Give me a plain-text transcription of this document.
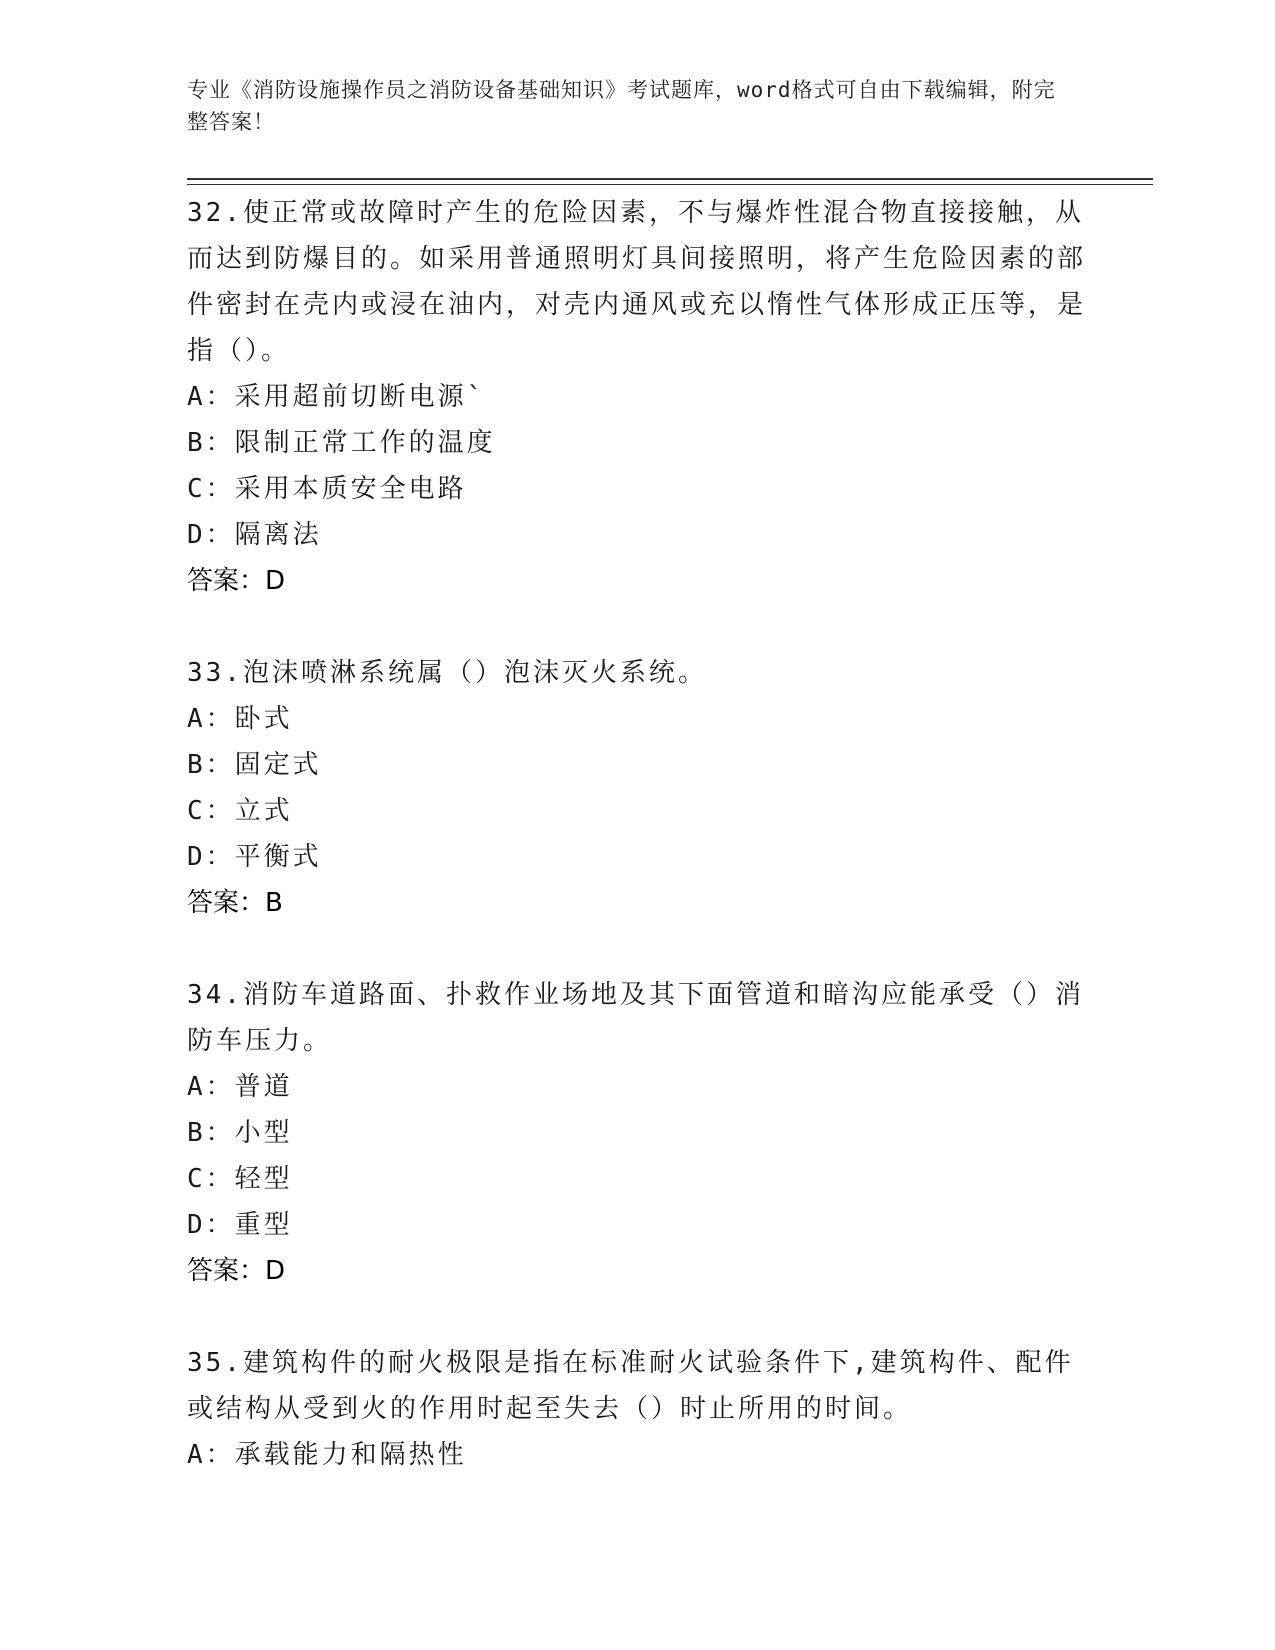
专业《消防设施操作员之消防设备基础知识》考试题库，word格式可自由下载编辑，附完整答案！
32.使正常或故障时产生的危险因素，不与爆炸性混合物直接接触，从而达到防爆目的。如采用普通照明灯具间接照明，将产生危险因素的部件密封在壳内或浸在油内，对壳内通风或充以惰性气体形成正压等，是指（）。
A：采用超前切断电源`
B：限制正常工作的温度
C：采用本质安全电路
D：隔离法
答案：D
33.泡沫喷淋系统属（）泡沫灭火系统。
A：卧式
B：固定式
C：立式
D：平衡式
答案：B
34.消防车道路面、扑救作业场地及其下面管道和暗沟应能承受（）消防车压力。
A：普道
B：小型
C：轻型
D：重型
答案：D
35.建筑构件的耐火极限是指在标准耐火试验条件下,建筑构件、配件或结构从受到火的作用时起至失去（）时止所用的时间。
A：承载能力和隔热性
